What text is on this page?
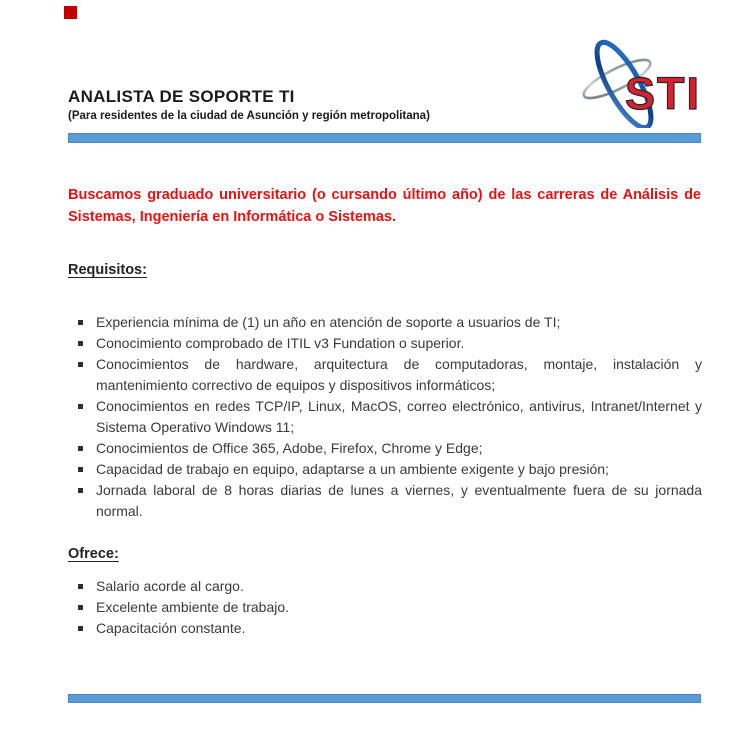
STI
ANALISTA DE SOPORTE TI

(Para residentes de la ciudad de Asunción y región metropolitana)

Buscamos graduado universitario (o cursando último año) de las carreras de Análisis de Sistemas, Ingeniería en Informática o Sistemas.

Requisitos:
Experiencia mínima de (1) un año en atención de soporte a usuarios de TI;
Conocimiento comprobado de ITIL v3 Fundation o superior.
Conocimientos de hardware, arquitectura de computadoras, montaje, instalación y mantenimiento correctivo de equipos y dispositivos informáticos;
Conocimientos en redes TCP/IP, Linux, MacOS, correo electrónico, antivirus, Intranet/Internet y Sistema Operativo Windows 11;
Conocimientos de Office 365, Adobe, Firefox, Chrome y Edge;
Capacidad de trabajo en equipo, adaptarse a un ambiente exigente y bajo presión;
Jornada laboral de 8 horas diarias de lunes a viernes, y eventualmente fuera de su jornada normal.
Ofrece:
Salario acorde al cargo.
Excelente ambiente de trabajo.
Capacitación constante.
